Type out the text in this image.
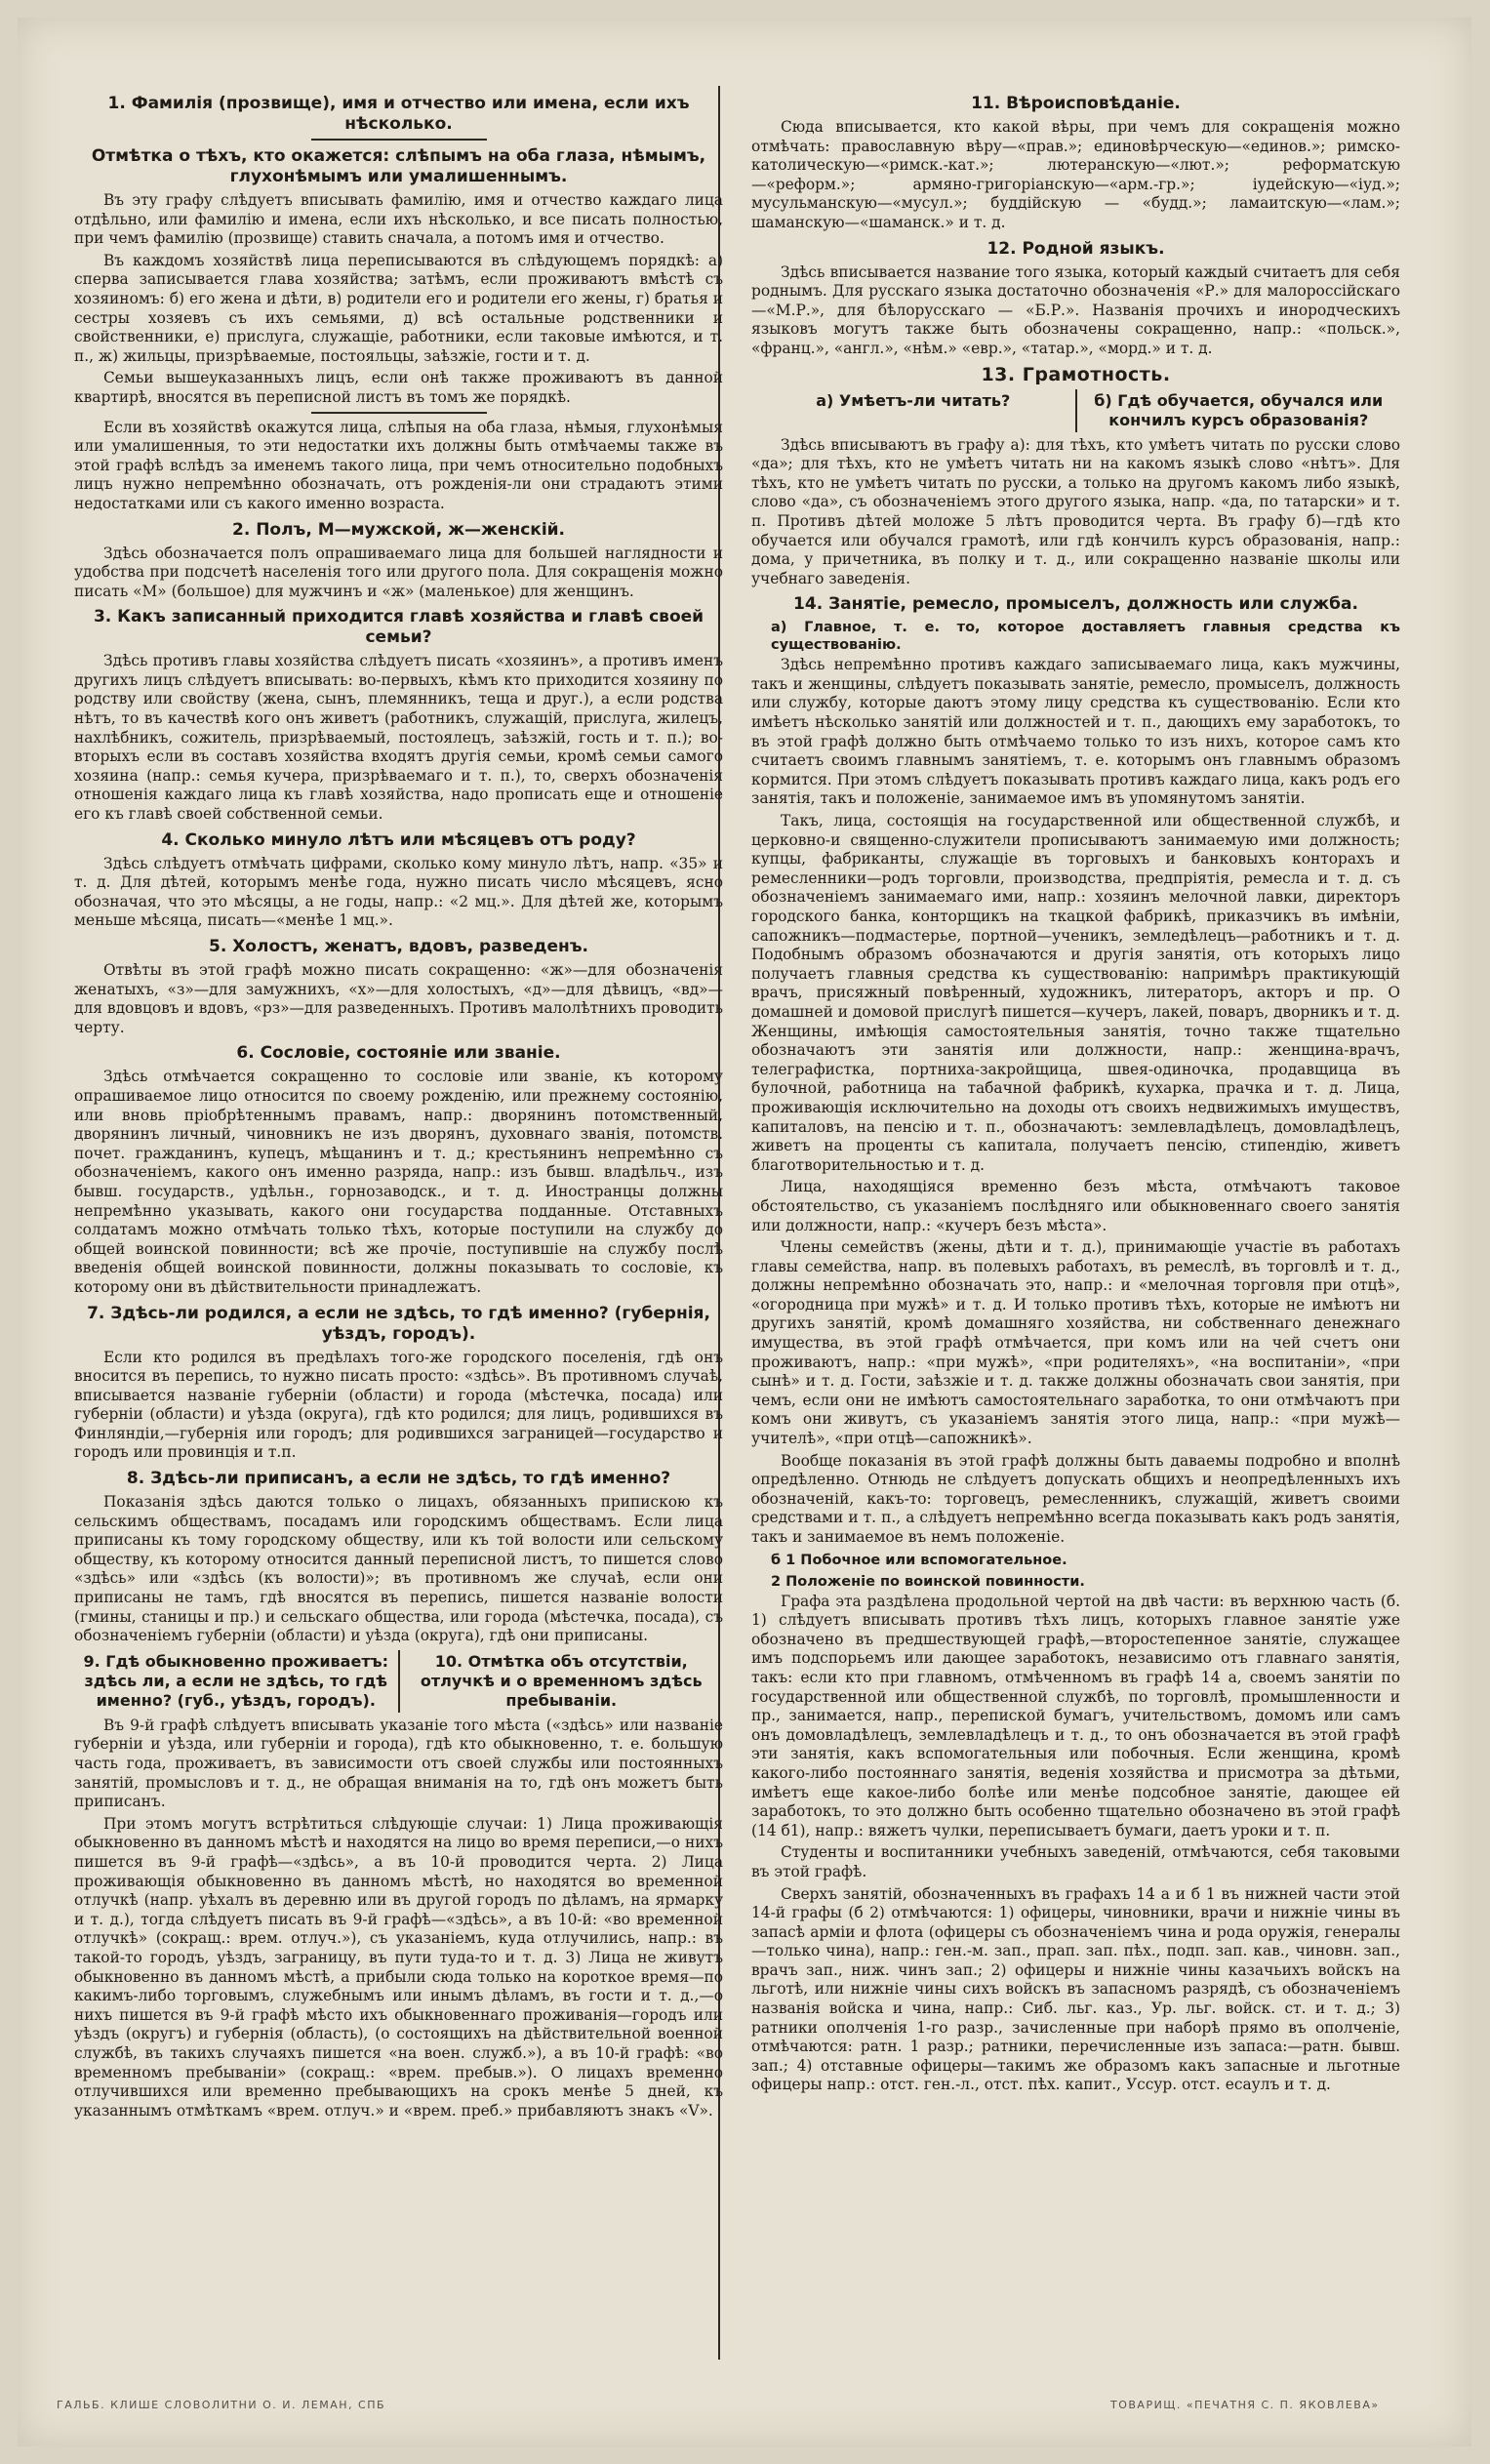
1. Фамилія (прозвище), имя и отчество или имена, если ихъ нѣсколько.
Отмѣтка о тѣхъ, кто окажется: слѣпымъ на оба глаза, нѣмымъ, глухонѣмымъ или умалишеннымъ.

Въ эту графу слѣдуетъ вписывать фамилію, имя и отчество каждаго лица отдѣльно, или фамилію и имена, если ихъ нѣсколько, и все писать полностью, при чемъ фамилію (прозвище) ставить сначала, а потомъ имя и отчество.

Въ каждомъ хозяйствѣ лица переписываются въ слѣдующемъ порядкѣ: а) сперва записывается глава хозяйства; затѣмъ, если проживаютъ вмѣстѣ съ хозяиномъ: б) его жена и дѣти, в) родители его и родители его жены, г) братья и сестры хозяевъ съ ихъ семьями, д) всѣ остальные родственники и свойственники, е) прислуга, служащіе, работники, если таковые имѣются, и т. п., ж) жильцы, призрѣваемые, постояльцы, заѣзжіе, гости и т. д.

Семьи вышеуказанныхъ лицъ, если онѣ также проживаютъ въ данной квартирѣ, вносятся въ переписной листъ въ томъ же порядкѣ.

Если въ хозяйствѣ окажутся лица, слѣпыя на оба глаза, нѣмыя, глухонѣмыя или умалишенныя, то эти недостатки ихъ должны быть отмѣчаемы также въ этой графѣ вслѣдъ за именемъ такого лица, при чемъ относительно подобныхъ лицъ нужно непремѣнно обозначать, отъ рожденія-ли они страдаютъ этими недостатками или съ какого именно возраста.

2. Полъ, М—мужской, ж—женскій.

Здѣсь обозначается полъ опрашиваемаго лица для большей наглядности и удобства при подсчетѣ населенія того или другого пола. Для сокращенія можно писать «М» (большое) для мужчинъ и «ж» (маленькое) для женщинъ.

3. Какъ записанный приходится главѣ хозяйства и главѣ своей семьи?

Здѣсь противъ главы хозяйства слѣдуетъ писать «хозяинъ», а противъ именъ другихъ лицъ слѣдуетъ вписывать: во-первыхъ, кѣмъ кто приходится хозяину по родству или свойству (жена, сынъ, племянникъ, теща и друг.), а если родства нѣтъ, то въ качествѣ кого онъ живетъ (работникъ, служащій, прислуга, жилецъ, нахлѣбникъ, сожитель, призрѣваемый, постоялецъ, заѣзжій, гость и т. п.); во-вторыхъ если въ составъ хозяйства входятъ другія семьи, кромѣ семьи самого хозяина (напр.: семья кучера, призрѣваемаго и т. п.), то, сверхъ обозначенія отношенія каждаго лица къ главѣ хозяйства, надо прописать еще и отношеніе его къ главѣ своей собственной семьи.

4. Сколько минуло лѣтъ или мѣсяцевъ отъ роду?

Здѣсь слѣдуетъ отмѣчать цифрами, сколько кому минуло лѣтъ, напр. «35» и т. д. Для дѣтей, которымъ менѣе года, нужно писать число мѣсяцевъ, ясно обозначая, что это мѣсяцы, а не годы, напр.: «2 мц.». Для дѣтей же, которымъ меньше мѣсяца, писать—«менѣе 1 мц.».

5. Холостъ, женатъ, вдовъ, разведенъ.

Отвѣты въ этой графѣ можно писать сокращенно: «ж»—для обозначенія женатыхъ, «з»—для замужнихъ, «х»—для холостыхъ, «д»—для дѣвицъ, «вд»—для вдовцовъ и вдовъ, «рз»—для разведенныхъ. Противъ малолѣтнихъ проводить черту.

6. Сословіе, состояніе или званіе.

Здѣсь отмѣчается сокращенно то сословіе или званіе, къ которому опрашиваемое лицо относится по своему рожденію, или прежнему состоянію, или вновь пріобрѣтеннымъ правамъ, напр.: дворянинъ потомственный, дворянинъ личный, чиновникъ не изъ дворянъ, духовнаго званія, потомств. почет. гражданинъ, купецъ, мѣщанинъ и т. д.; крестьянинъ непремѣнно съ обозначеніемъ, какого онъ именно разряда, напр.: изъ бывш. владѣльч., изъ бывш. государств., удѣльн., горнозаводск., и т. д. Иностранцы должны непремѣнно указывать, какого они государства подданные. Отставныхъ солдатамъ можно отмѣчать только тѣхъ, которые поступили на службу до общей воинской повинности; всѣ же прочіе, поступившіе на службу послѣ введенія общей воинской повинности, должны показывать то сословіе, къ которому они въ дѣйствительности принадлежатъ.

7. Здѣсь-ли родился, а если не здѣсь, то гдѣ именно? (губернія, уѣздъ, городъ).

Если кто родился въ предѣлахъ того-же городского поселенія, гдѣ онъ вносится въ перепись, то нужно писать просто: «здѣсь». Въ противномъ случаѣ, вписывается названіе губерніи (области) и города (мѣстечка, посада) или губерніи (области) и уѣзда (округа), гдѣ кто родился; для лицъ, родившихся въ Финляндіи,—губернія или городъ; для родившихся заграницей—государство и городъ или провинція и т.п.

8. Здѣсь-ли приписанъ, а если не здѣсь, то гдѣ именно?

Показанія здѣсь даются только о лицахъ, обязанныхъ припискою къ сельскимъ обществамъ, посадамъ или городскимъ обществамъ. Если лица приписаны къ тому городскому обществу, или къ той волости или сельскому обществу, къ которому относится данный переписной листъ, то пишется слово «здѣсь» или «здѣсь (къ волости)»; въ противномъ же случаѣ, если они приписаны не тамъ, гдѣ вносятся въ перепись, пишется названіе волости (гмины, станицы и пр.) и сельскаго общества, или города (мѣстечка, посада), съ обозначеніемъ губерніи (области) и уѣзда (округа), гдѣ они приписаны.

9. Гдѣ обыкновенно проживаетъ: здѣсь ли, а если не здѣсь, то гдѣ именно? (губ., уѣздъ, городъ).
10. Отмѣтка объ отсутствіи, отлучкѣ и о временномъ здѣсь пребываніи.

Въ 9-й графѣ слѣдуетъ вписывать указаніе того мѣста («здѣсь» или названіе губерніи и уѣзда, или губерніи и города), гдѣ кто обыкновенно, т. е. большую часть года, проживаетъ, въ зависимости отъ своей службы или постоянныхъ занятій, промысловъ и т. д., не обращая вниманія на то, гдѣ онъ можетъ быть приписанъ.

При этомъ могутъ встрѣтиться слѣдующіе случаи: 1) Лица проживающія обыкновенно въ данномъ мѣстѣ и находятся на лицо во время переписи,—о нихъ пишется въ 9-й графѣ—«здѣсь», а въ 10-й проводится черта. 2) Лица проживающія обыкновенно въ данномъ мѣстѣ, но находятся во временной отлучкѣ (напр. уѣхалъ въ деревню или въ другой городъ по дѣламъ, на ярмарку и т. д.), тогда слѣдуетъ писать въ 9-й графѣ—«здѣсь», а въ 10-й: «во временной отлучкѣ» (сокращ.: врем. отлуч.»), съ указаніемъ, куда отлучились, напр.: въ такой-то городъ, уѣздъ, заграницу, въ пути туда-то и т. д. 3) Лица не живутъ обыкновенно въ данномъ мѣстѣ, а прибыли сюда только на короткое время—по какимъ-либо торговымъ, служебнымъ или инымъ дѣламъ, въ гости и т. д.,—о нихъ пишется въ 9-й графѣ мѣсто ихъ обыкновеннаго проживанія—городъ или уѣздъ (округъ) и губернія (область), (о состоящихъ на дѣйствительной военной службѣ, въ такихъ случаяхъ пишется «на воен. служб.»), а въ 10-й графѣ: «во временномъ пребываніи» (сокращ.: «врем. пребыв.»). О лицахъ временно отлучившихся или временно пребывающихъ на срокъ менѣе 5 дней, къ указаннымъ отмѣткамъ «врем. отлуч.» и «врем. преб.» прибавляютъ знакъ «V».

11. Вѣроисповѣданіе.

Сюда вписывается, кто какой вѣры, при чемъ для сокращенія можно отмѣчать: православную вѣру—«прав.»; единовѣрческую—«единов.»; римско-католическую—«римск.-кат.»; лютеранскую—«лют.»; реформатскую—«реформ.»; армяно-григоріанскую—«арм.-гр.»; іудейскую—«іуд.»; мусульманскую—«мусул.»; буддійскую — «будд.»; ламаитскую—«лам.»; шаманскую—«шаманск.» и т. д.

12. Родной языкъ.

Здѣсь вписывается название того языка, который каждый считаетъ для себя роднымъ. Для русскаго языка достаточно обозначенія «Р.» для малороссійскаго—«М.Р.», для бѣлорусскаго — «Б.Р.». Названія прочихъ и инородческихъ языковъ могутъ также быть обозначены сокращенно, напр.: «польск.», «франц.», «англ.», «нѣм.» «евр.», «татар.», «морд.» и т. д.

13. Грамотность.
а) Умѣетъ-ли читать?	б) Гдѣ обучается, обучался или кончилъ курсъ образованія?

Здѣсь вписываютъ въ графу а): для тѣхъ, кто умѣетъ читать по русски слово «да»; для тѣхъ, кто не умѣетъ читать ни на какомъ языкѣ слово «нѣтъ». Для тѣхъ, кто не умѣетъ читать по русски, а только на другомъ какомъ либо языкѣ, слово «да», съ обозначеніемъ этого другого языка, напр. «да, по татарски» и т. п. Противъ дѣтей моложе 5 лѣтъ проводится черта. Въ графу б)—гдѣ кто обучается или обучался грамотѣ, или гдѣ кончилъ курсъ образованія, напр.: дома, у причетника, въ полку и т. д., или сокращенно названіе школы или учебнаго заведенія.

14. Занятіе, ремесло, промыселъ, должность или служба.
а) Главное, т. е. то, которое доставляетъ главныя средства къ существованію.

Здѣсь непремѣнно противъ каждаго записываемаго лица, какъ мужчины, такъ и женщины, слѣдуетъ показывать занятіе, ремесло, промыселъ, должность или службу, которые даютъ этому лицу средства къ существованію. Если кто имѣетъ нѣсколько занятій или должностей и т. п., дающихъ ему заработокъ, то въ этой графѣ должно быть отмѣчаемо только то изъ нихъ, которое самъ кто считаетъ своимъ главнымъ занятіемъ, т. е. которымъ онъ главнымъ образомъ кормится. При этомъ слѣдуетъ показывать противъ каждаго лица, какъ родъ его занятія, такъ и положеніе, занимаемое имъ въ упомянутомъ занятіи.

Такъ, лица, состоящія на государственной или общественной службѣ, и церковно-и священно-служители прописываютъ занимаемую ими должность; купцы, фабриканты, служащіе въ торговыхъ и банковыхъ конторахъ и ремесленники—родъ торговли, производства, предпріятія, ремесла и т. д. съ обозначеніемъ занимаемаго ими, напр.: хозяинъ мелочной лавки, директоръ городского банка, конторщикъ на ткацкой фабрикѣ, приказчикъ въ имѣніи, сапожникъ—подмастерье, портной—ученикъ, земледѣлецъ—работникъ и т. д. Подобнымъ образомъ обозначаются и другія занятія, отъ которыхъ лицо получаетъ главныя средства къ существованію: напримѣръ практикующій врачъ, присяжный повѣренный, художникъ, литераторъ, акторъ и пр. О домашней и домовой прислугѣ пишется—кучеръ, лакей, поваръ, дворникъ и т. д. Женщины, имѣющія самостоятельныя занятія, точно также тщательно обозначаютъ эти занятія или должности, напр.: женщина-врачъ, телеграфистка, портниха-закройщица, швея-одиночка, продавщица въ булочной, работница на табачной фабрикѣ, кухарка, прачка и т. д. Лица, проживающія исключительно на доходы отъ своихъ недвижимыхъ имуществъ, капиталовъ, на пенсію и т. п., обозначаютъ: землевладѣлецъ, домовладѣлецъ, живетъ на проценты съ капитала, получаетъ пенсію, стипендію, живетъ благотворительностью и т. д.

Лица, находящіяся временно безъ мѣста, отмѣчаютъ таковое обстоятельство, съ указаніемъ послѣдняго или обыкновеннаго своего занятія или должности, напр.: «кучеръ безъ мѣста».

Члены семействъ (жены, дѣти и т. д.), принимающіе участіе въ работахъ главы семейства, напр. въ полевыхъ работахъ, въ ремеслѣ, въ торговлѣ и т. д., должны непремѣнно обозначать это, напр.: и «мелочная торговля при отцѣ», «огородница при мужѣ» и т. д. И только противъ тѣхъ, которые не имѣютъ ни другихъ занятій, кромѣ домашняго хозяйства, ни собственнаго денежнаго имущества, въ этой графѣ отмѣчается, при комъ или на чей счетъ они проживаютъ, напр.: «при мужѣ», «при родителяхъ», «на воспитаніи», «при сынѣ» и т. д. Гости, заѣзжіе и т. д. также должны обозначать свои занятія, при чемъ, если они не имѣютъ самостоятельнаго заработка, то они отмѣчаютъ при комъ они живутъ, съ указаніемъ занятія этого лица, напр.: «при мужѣ—учителѣ», «при отцѣ—сапожникѣ».

Вообще показанія въ этой графѣ должны быть даваемы подробно и вполнѣ опредѣленно. Отнюдь не слѣдуетъ допускать общихъ и неопредѣленныхъ ихъ обозначеній, какъ-то: торговецъ, ремесленникъ, служащій, живетъ своими средствами и т. п., а слѣдуетъ непремѣнно всегда показывать какъ родъ занятія, такъ и занимаемое въ немъ положеніе.

б 1 Побочное или вспомогательное.
2 Положеніе по воинской повинности.

Графа эта раздѣлена продольной чертой на двѣ части: въ верхнюю часть (б. 1) слѣдуетъ вписывать противъ тѣхъ лицъ, которыхъ главное занятіе уже обозначено въ предшествующей графѣ,—второстепенное занятіе, служащее имъ подспорьемъ или дающее заработокъ, независимо отъ главнаго занятія, такъ: если кто при главномъ, отмѣченномъ въ графѣ 14 а, своемъ занятіи по государственной или общественной службѣ, по торговлѣ, промышленности и пр., занимается, напр., перепиской бумагъ, учительствомъ, домомъ или самъ онъ домовладѣлецъ, землевладѣлецъ и т. д., то онъ обозначается въ этой графѣ эти занятія, какъ вспомогательныя или побочныя. Если женщина, кромѣ какого-либо постояннаго занятія, веденія хозяйства и присмотра за дѣтьми, имѣетъ еще какое-либо болѣе или менѣе подсобное занятіе, дающее ей заработокъ, то это должно быть особенно тщательно обозначено въ этой графѣ (14 б1), напр.: вяжетъ чулки, переписываетъ бумаги, даетъ уроки и т. п.

Студенты и воспитанники учебныхъ заведеній, отмѣчаются, себя таковыми въ этой графѣ.

Сверхъ занятій, обозначенныхъ въ графахъ 14 а и б 1 въ нижней части этой 14-й графы (б 2) отмѣчаются: 1) офицеры, чиновники, врачи и нижніе чины въ запасѣ арміи и флота (офицеры съ обозначеніемъ чина и рода оружія, генералы—только чина), напр.: ген.-м. зап., прап. зап. пѣх., подп. зап. кав., чиновн. зап., врачъ зап., ниж. чинъ зап.; 2) офицеры и нижніе чины казачьихъ войскъ на льготѣ, или нижніе чины сихъ войскъ въ запасномъ разрядѣ, съ обозначеніемъ названія войска и чина, напр.: Сиб. льг. каз., Ур. льг. войск. ст. и т. д.; 3) ратники ополченія 1-го разр., зачисленные при наборѣ прямо въ ополченіе, отмѣчаются: ратн. 1 разр.; ратники, перечисленные изъ запаса:—ратн. бывш. зап.; 4) отставные офицеры—такимъ же образомъ какъ запасные и льготные офицеры напр.: отст. ген.-л., отст. пѣх. капит., Уссур. отст. есаулъ и т. д.

ГАЛЬБ. КЛИШЕ СЛОВОЛИТНИ О. И. ЛЕМАН, СПБ	ТОВАРИЩ. «ПЕЧАТНЯ С. П. ЯКОВЛЕВА»
